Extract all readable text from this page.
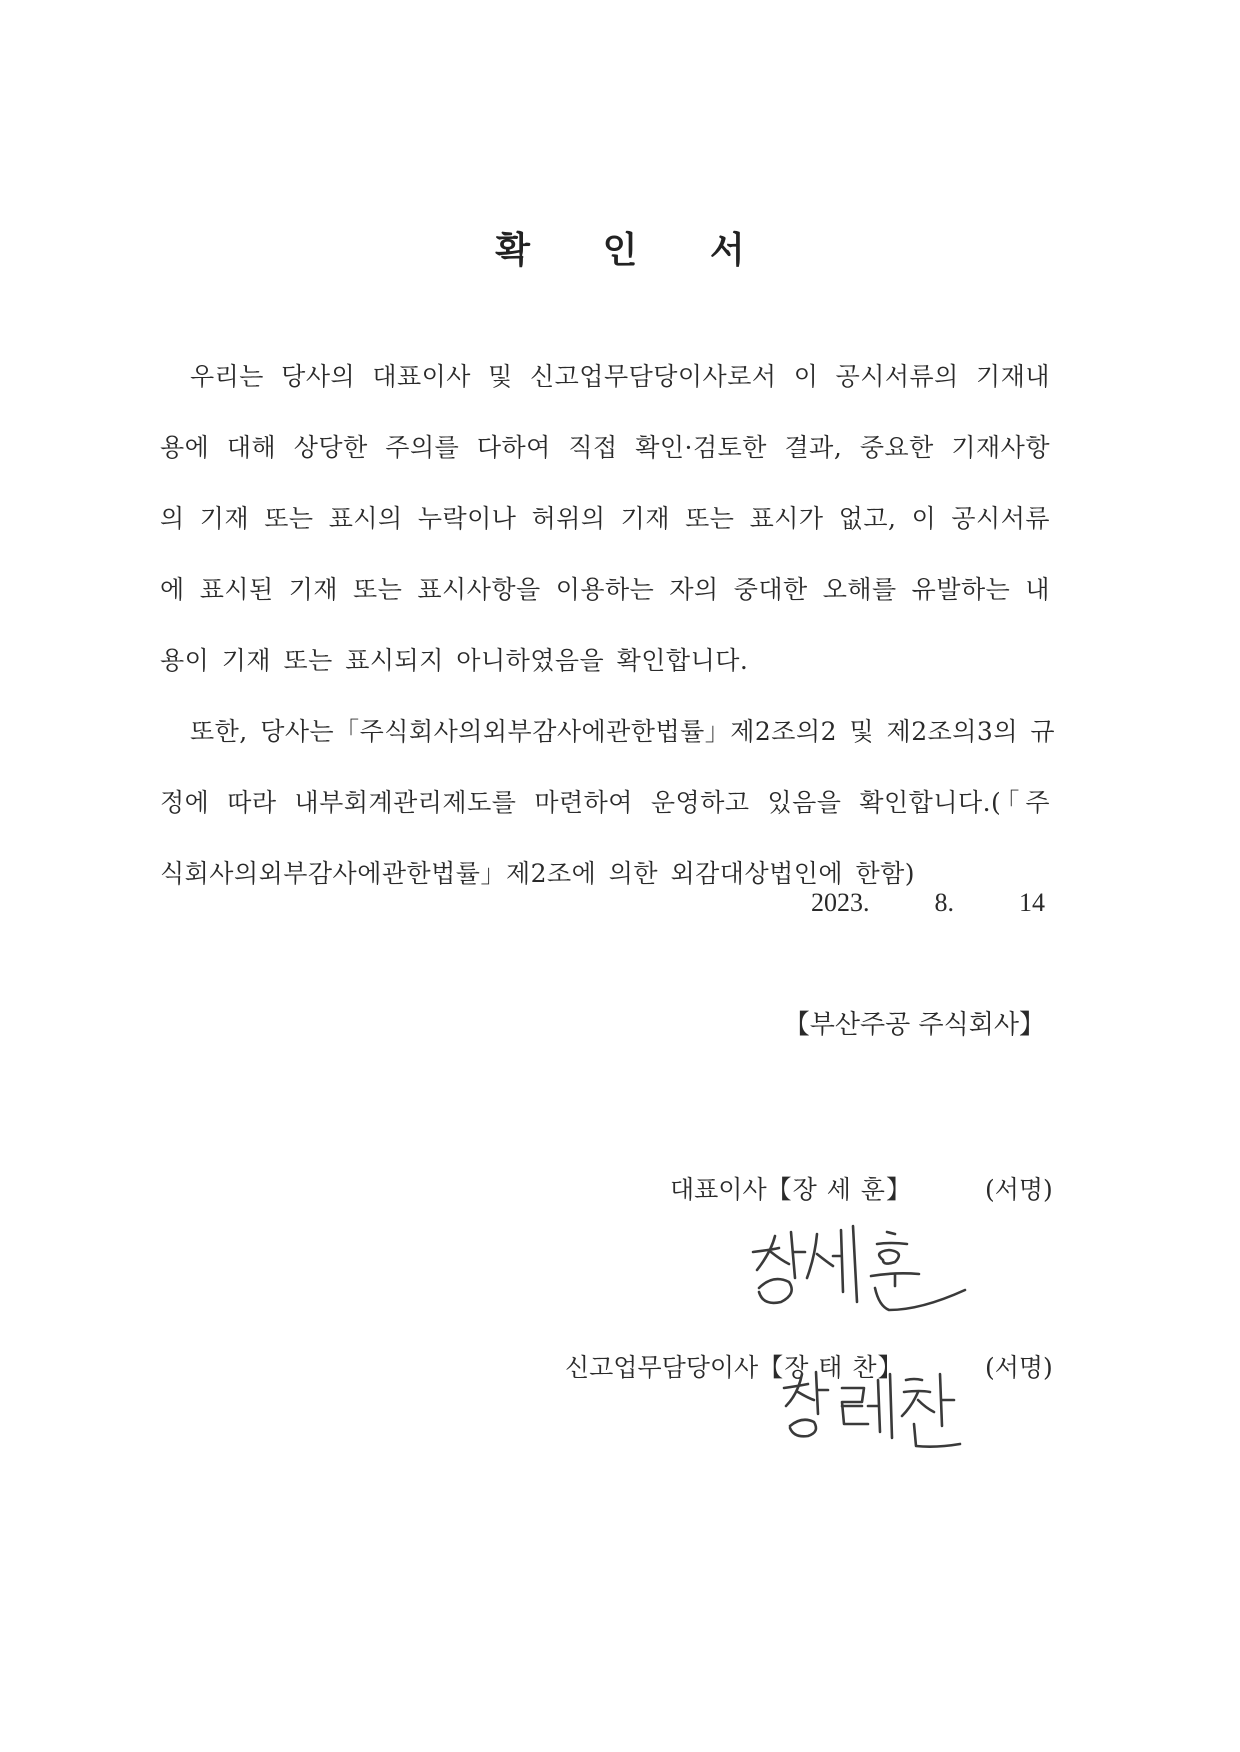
확 인 서
우리는 당사의 대표이사 및 신고업무담당이사로서 이 공시서류의 기재내
용에 대해 상당한 주의를 다하여 직접 확인·검토한 결과, 중요한 기재사항
의 기재 또는 표시의 누락이나 허위의 기재 또는 표시가 없고, 이 공시서류
에 표시된 기재 또는 표시사항을 이용하는 자의 중대한 오해를 유발하는 내
용이 기재 또는 표시되지 아니하였음을 확인합니다.
또한, 당사는「주식회사의외부감사에관한법률」제2조의2 및 제2조의3의 규
정에 따라 내부회계관리제도를 마련하여 운영하고 있음을 확인합니다.(「주
식회사의외부감사에관한법률」제2조에 의한 외감대상법인에 한함)
2023.  8.  14
【부산주공 주식회사】
대표이사【장 세 훈】	(서명)
신고업무담당이사【장 태 찬】	(서명)
